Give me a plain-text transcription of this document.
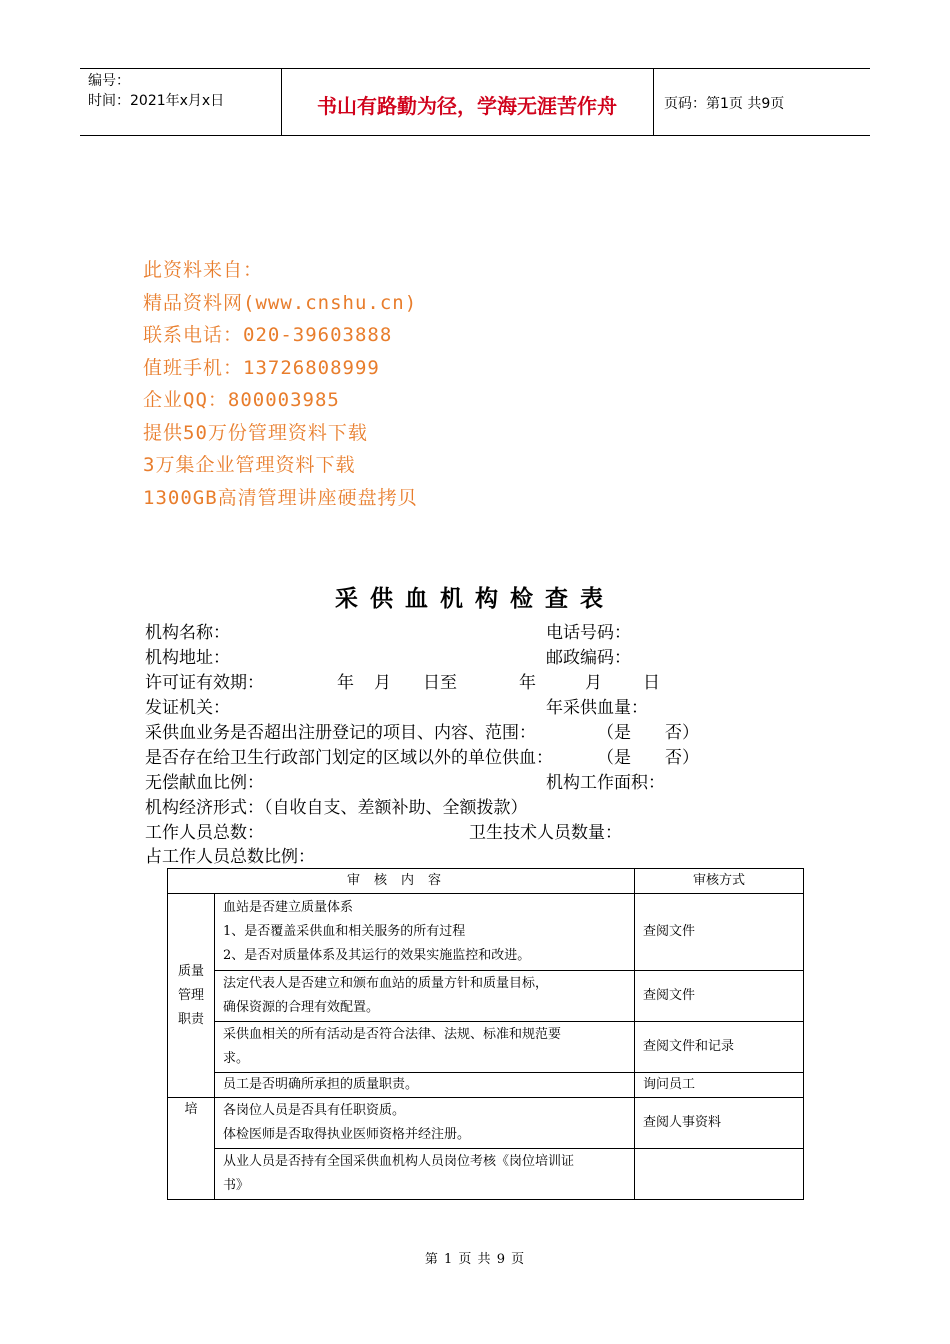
编号：
时间：2021年x月x日	书山有路勤为径，学海无涯苦作舟	页码：第1页 共9页
此资料来自：
精品资料网(www.cnshu.cn)
联系电话：020-39603888
值班手机：13726808999
企业QQ：800003985
提供50万份管理资料下载
3万集企业管理资料下载
1300GB高清管理讲座硬盘拷贝
采供血机构检查表
机构名称：	电话号码：
机构地址：	邮政编码：
许可证有效期：	年 月 日至	年	月 日
发证机关：	年采供血量：
采供血业务是否超出注册登记的项目、内容、范围：	（是　　否）
是否存在给卫生行政部门划定的区域以外的单位供血：	（是　　否）
无偿献血比例：	机构工作面积：
机构经济形式：（自收自支、差额补助、全额拨款）
工作人员总数：	卫生技术人员数量：
占工作人员总数比例：
审核内容		审核方式
质量管理职责	血站是否建立质量体系
1、是否覆盖采供血和相关服务的所有过程
2、是否对质量体系及其运行的效果实施监控和改进。	查阅文件

	法定代表人是否建立和颁布血站的质量方针和质量目标，
确保资源的合理有效配置。	查阅文件

	采供血相关的所有活动是否符合法律、法规、标准和规范要
求。	查阅文件和记录

	员工是否明确所承担的质量职责。	询问员工
培	各岗位人员是否具有任职资质。
体检医师是否取得执业医师资格并经注册。	查阅人事资料

	从业人员是否持有全国采供血机构人员岗位考核《岗位培训证
书》	

第 1 页 共 9 页
